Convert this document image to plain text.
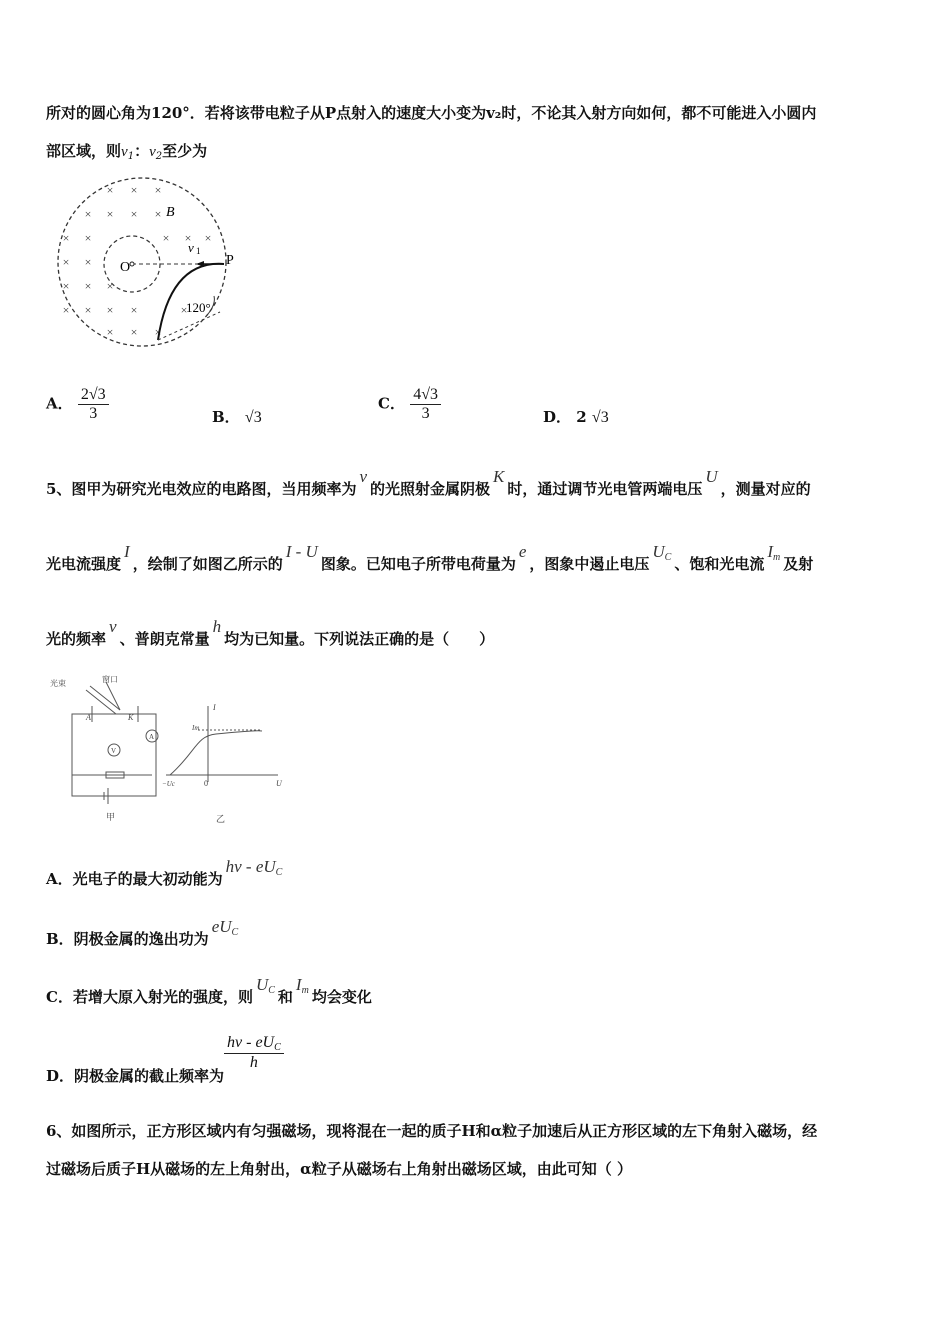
所对的圆心角为120°．若将该带电粒子从P点射入的速度大小变为v₂时，不论其入射方向如何，都不可能进入小圆内
部区域，则$v_1$：$v_2$至少为
× × ×
× × × ×
× ×	× × ×
× ×
× × ×
× × × ×
× × ×
×
O	P
B
v 1
120°
A． $\frac{2√3}{3}$	B． √3
C． $\frac{4√3}{3}$	D． 2 √3
5、图甲为研究光电效应的电路图，当用频率为ν的光照射金属阴极K时，通过调节光电管两端电压U，测量对应的
光电流强度I，绘制了如图乙所示的I - U图象。已知电子所带电荷量为e，图象中遏止电压$U_C$ 、饱和光电流$I_m$ 及射
光的频率ν、普朗克常量h均为已知量。下列说法正确的是（　　）
光束	窗口
A	K
V
A
甲
I
Im
−Uc	0	U
乙
A．光电子的最大初动能为hν - $eU_C$
B．阴极金属的逸出功为$eU_C$
C．若增大原入射光的强度，则$U_C$ 和$I_m$ 均会变化
D．阴极金属的截止频率为
$\frac{h\nu - eU_C}{h}$
6、如图所示，正方形区域内有匀强磁场，现将混在一起的质子H和α粒子加速后从正方形区域的左下角射入磁场，经
过磁场后质子H从磁场的左上角射出，α粒子从磁场右上角射出磁场区域，由此可知（ ）
